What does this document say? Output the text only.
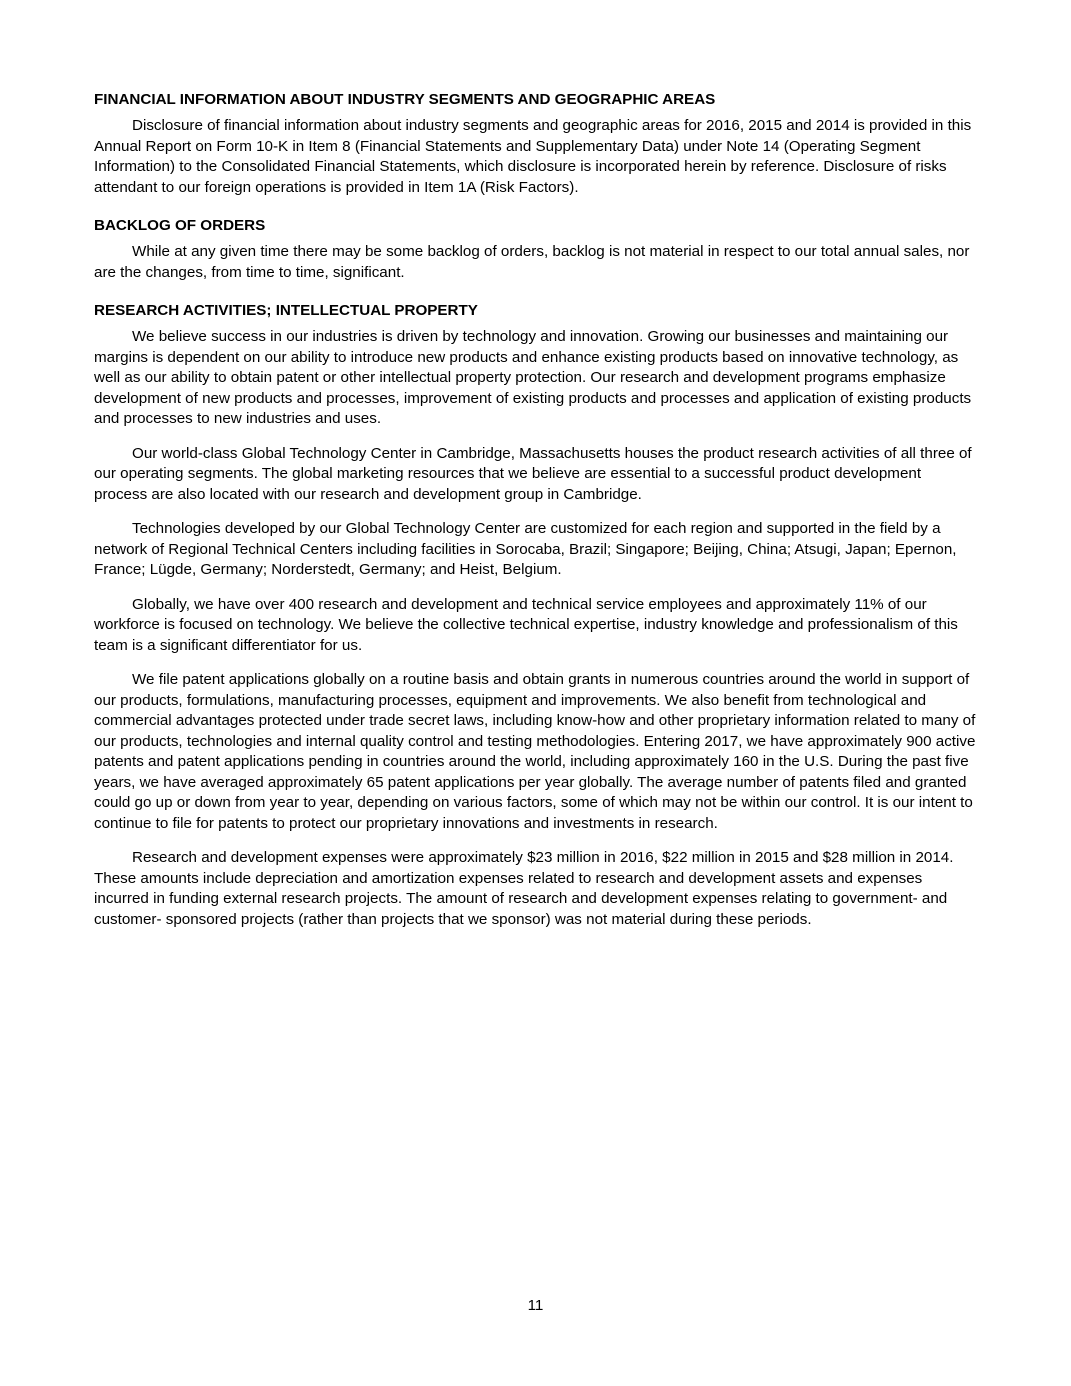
FINANCIAL INFORMATION ABOUT INDUSTRY SEGMENTS AND GEOGRAPHIC AREAS

Disclosure of financial information about industry segments and geographic areas for 2016, 2015 and 2014 is provided in this Annual Report on Form 10-K in Item 8 (Financial Statements and Supplementary Data) under Note 14 (Operating Segment Information) to the Consolidated Financial Statements, which disclosure is incorporated herein by reference. Disclosure of risks attendant to our foreign operations is provided in Item 1A (Risk Factors).

BACKLOG OF ORDERS

While at any given time there may be some backlog of orders, backlog is not material in respect to our total annual sales, nor are the changes, from time to time, significant.

RESEARCH ACTIVITIES; INTELLECTUAL PROPERTY

We believe success in our industries is driven by technology and innovation. Growing our businesses and maintaining our margins is dependent on our ability to introduce new products and enhance existing products based on innovative technology, as well as our ability to obtain patent or other intellectual property protection. Our research and development programs emphasize development of new products and processes, improvement of existing products and processes and application of existing products and processes to new industries and uses.

Our world-class Global Technology Center in Cambridge, Massachusetts houses the product research activities of all three of our operating segments. The global marketing resources that we believe are essential to a successful product development process are also located with our research and development group in Cambridge.

Technologies developed by our Global Technology Center are customized for each region and supported in the field by a network of Regional Technical Centers including facilities in Sorocaba, Brazil; Singapore; Beijing, China; Atsugi, Japan; Epernon, France; Lügde, Germany; Norderstedt, Germany; and Heist, Belgium.

Globally, we have over 400 research and development and technical service employees and approximately 11% of our workforce is focused on technology. We believe the collective technical expertise, industry knowledge and professionalism of this team is a significant differentiator for us.

We file patent applications globally on a routine basis and obtain grants in numerous countries around the world in support of our products, formulations, manufacturing processes, equipment and improvements. We also benefit from technological and commercial advantages protected under trade secret laws, including know-how and other proprietary information related to many of our products, technologies and internal quality control and testing methodologies. Entering 2017, we have approximately 900 active patents and patent applications pending in countries around the world, including approximately 160 in the U.S. During the past five years, we have averaged approximately 65 patent applications per year globally. The average number of patents filed and granted could go up or down from year to year, depending on various factors, some of which may not be within our control. It is our intent to continue to file for patents to protect our proprietary innovations and investments in research.

Research and development expenses were approximately $23 million in 2016, $22 million in 2015 and $28 million in 2014. These amounts include depreciation and amortization expenses related to research and development assets and expenses incurred in funding external research projects. The amount of research and development expenses relating to government- and customer- sponsored projects (rather than projects that we sponsor) was not material during these periods.

11
